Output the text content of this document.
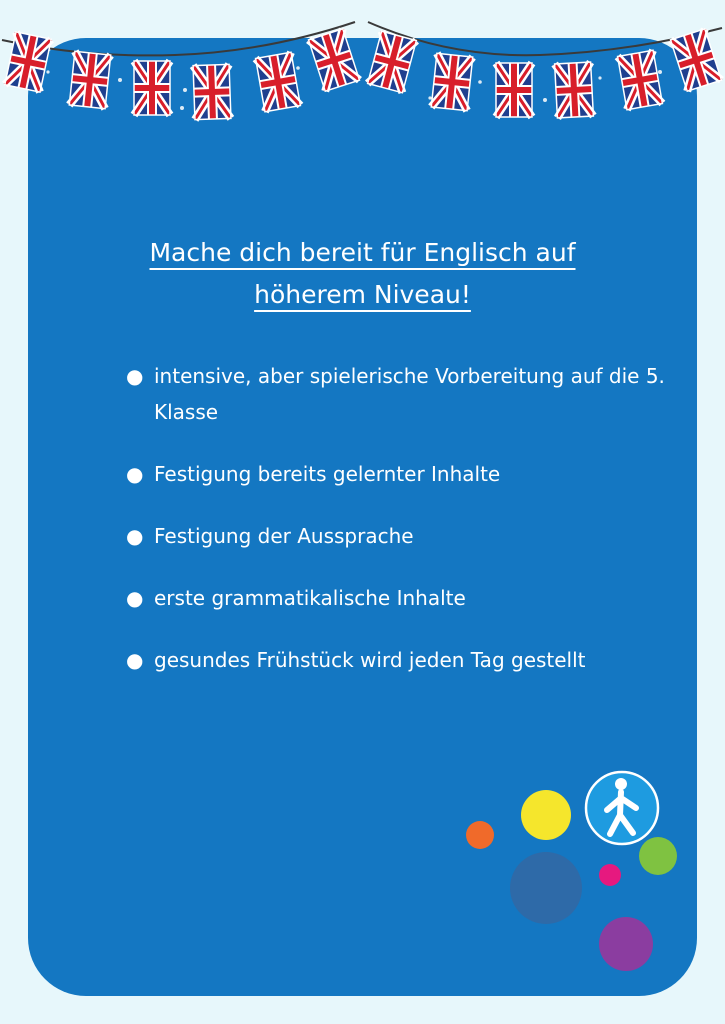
Mache dich bereit für Englisch auf
höherem Niveau!
● intensive, aber spielerische Vorbereitung auf die 5. Klasse
● Festigung bereits gelernter Inhalte
● Festigung der Aussprache
● erste grammatikalische Inhalte
● gesundes Frühstück wird jeden Tag gestellt
